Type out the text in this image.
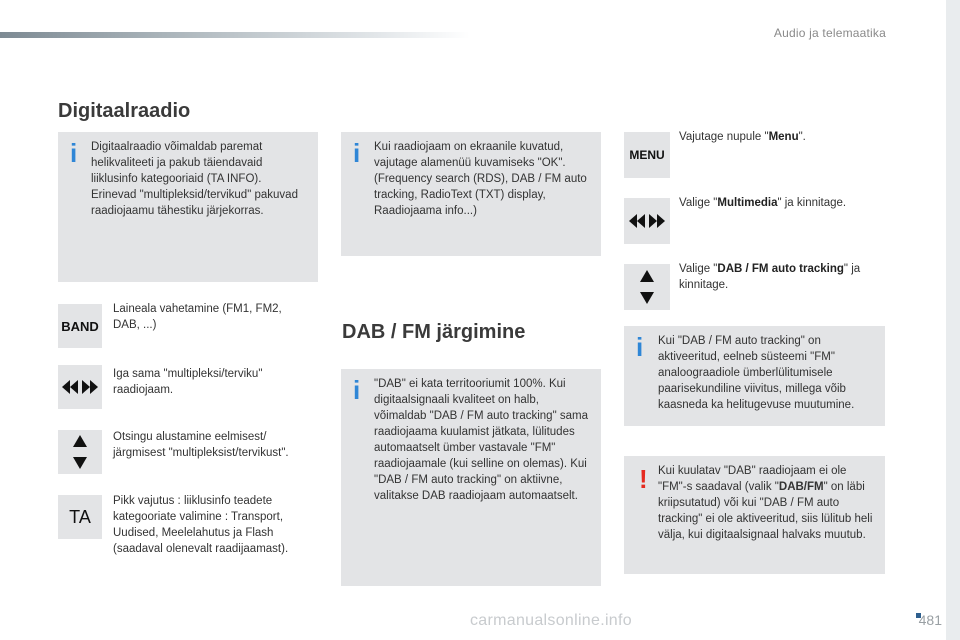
Audio ja telemaatika
Digitaalraadio
i Digitaalraadio võimaldab paremat helikvaliteeti ja pakub täiendavaid liiklusinfo kategooriaid (TA INFO). Erinevad "multipleksid/tervikud" pakuvad raadiojaamu tähestiku järjekorras.
i Kui raadiojaam on ekraanile kuvatud, vajutage alamenüü kuvamiseks "OK". (Frequency search (RDS), DAB / FM auto tracking, RadioText (TXT) display, Raadiojaama info...)
BAND
Laineala vahetamine (FM1, FM2, DAB, ...)
Iga sama "multipleksi/terviku" raadiojaam.
Otsingu alustamine eelmisest/ järgmisest "multipleksist/tervikust".
TA
Pikk vajutus : liiklusinfo teadete kategooriate valimine : Transport, Uudised, Meelelahutus ja Flash (saadaval olenevalt raadijaamast).
DAB / FM järgimine
i "DAB" ei kata territooriumit 100%. Kui digitaalsignaali kvaliteet on halb, võimaldab "DAB / FM auto tracking" sama raadiojaama kuulamist jätkata, lülitudes automaatselt ümber vastavale "FM" raadiojaamale (kui selline on olemas). Kui "DAB / FM auto tracking" on aktiivne, valitakse DAB raadiojaam automaatselt.
MENU
Vajutage nupule "Menu".
Valige "Multimedia" ja kinnitage.
Valige "DAB / FM auto tracking" ja kinnitage.
i Kui "DAB / FM auto tracking" on aktiveeritud, eelneb süsteemi "FM" analoograadiole ümberlülitumisele paarisekundiline viivitus, millega võib kaasneda ka helitugevuse muutumine.
! Kui kuulatav "DAB" raadiojaam ei ole "FM"-s saadaval (valik "DAB/FM" on läbi kriipsutatud) või kui "DAB / FM auto tracking" ei ole aktiveeritud, siis lülitub heli välja, kui digitaalsignaal halvaks muutub.
carmanualsonline.info	481
